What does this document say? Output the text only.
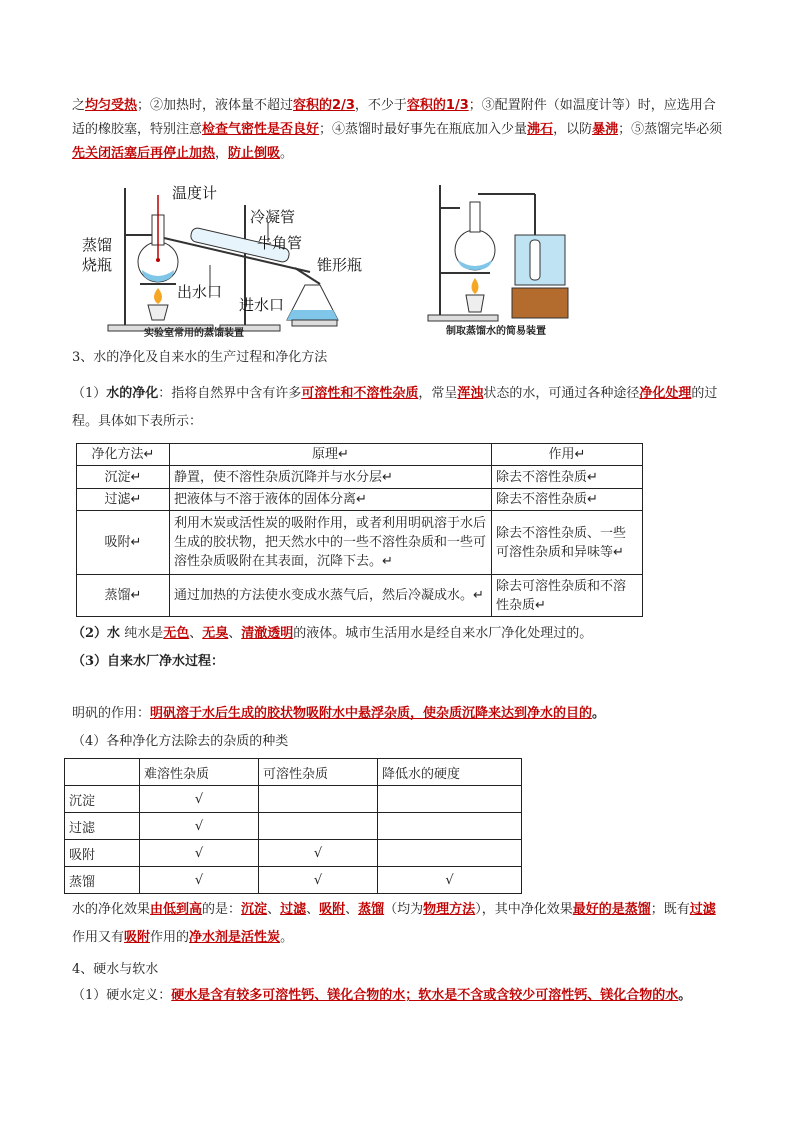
之均匀受热；②加热时，液体量不超过容积的2/3，不少于容积的1/3；③配置附件（如温度计等）时，应选用合适的橡胶塞，特别注意检查气密性是否良好；④蒸馏时最好事先在瓶底加入少量沸石，以防暴沸；⑤蒸馏完毕必须先关闭活塞后再停止加热，防止倒吸。
温度计
冷凝管
蒸馏
烧瓶
牛角管
锥形瓶
出水口
进水口
实验室常用的蒸馏装置	制取蒸馏水的简易装置
3、水的净化及自来水的生产过程和净化方法
（1）水的净化：指将自然界中含有许多可溶性和不溶性杂质，常呈浑浊状态的水，可通过各种途径净化处理的过程。具体如下表所示：
净化方法↵	原理↵	作用↵
沉淀↵	静置，使不溶性杂质沉降并与水分层↵	除去不溶性杂质↵
过滤↵	把液体与不溶于液体的固体分离↵	除去不溶性杂质↵
吸附↵	利用木炭或活性炭的吸附作用，或者利用明矾溶于水后生成的胶状物，把天然水中的一些不溶性杂质和一些可溶性杂质吸附在其表面，沉降下去。↵	除去不溶性杂质、一些可溶性杂质和异味等↵
蒸馏↵	通过加热的方法使水变成水蒸气后，然后冷凝成水。↵	除去可溶性杂质和不溶性杂质↵
（2）水 纯水是无色、无臭、清澈透明的液体。城市生活用水是经自来水厂净化处理过的。
（3）自来水厂净水过程：
明矾的作用：明矾溶于水后生成的胶状物吸附水中悬浮杂质，使杂质沉降来达到净水的目的。
（4）各种净化方法除去的杂质的种类
	难溶性杂质	可溶性杂质	降低水的硬度
沉淀	√		
过滤	√		
吸附	√	√	
蒸馏	√	√	√
水的净化效果由低到高的是：沉淀、过滤、吸附、蒸馏（均为物理方法），其中净化效果最好的是蒸馏；既有过滤作用又有吸附作用的净水剂是活性炭。
4、硬水与软水
（1）硬水定义：硬水是含有较多可溶性钙、镁化合物的水；软水是不含或含较少可溶性钙、镁化合物的水。
